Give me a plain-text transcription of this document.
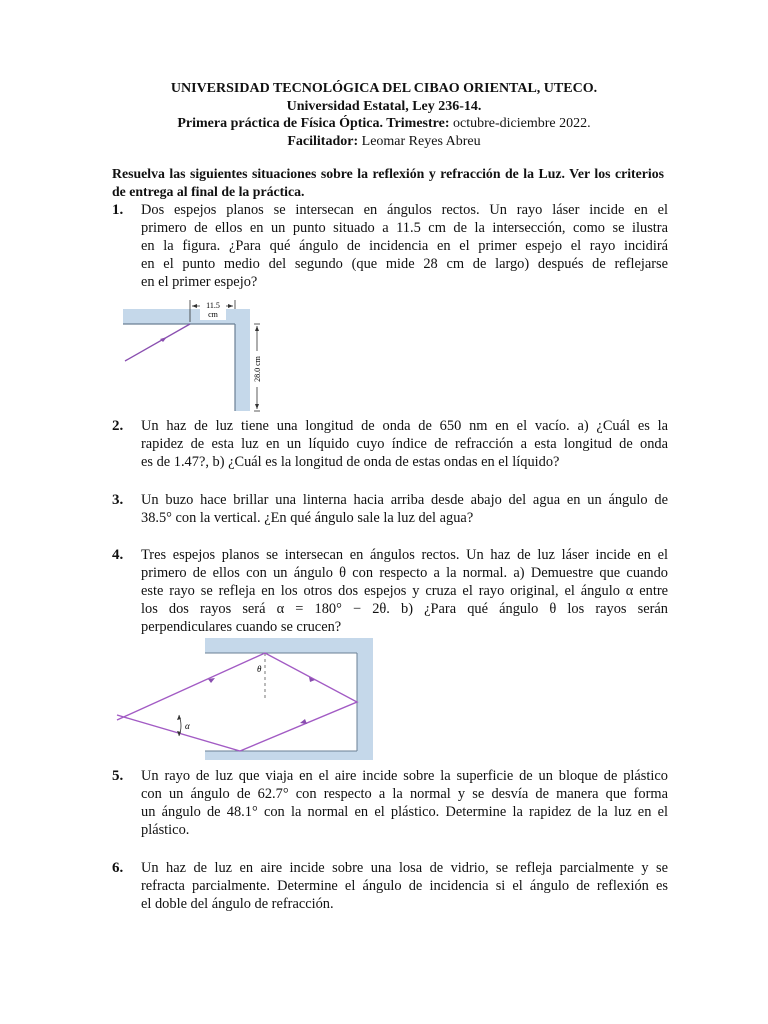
UNIVERSIDAD TECNOLÓGICA DEL CIBAO ORIENTAL, UTECO.
Universidad Estatal, Ley 236-14.
Primera práctica de Física Óptica. Trimestre: octubre-diciembre 2022.
Facilitador: Leomar Reyes Abreu
Resuelva las siguientes situaciones sobre la reflexión y refracción de la Luz. Ver los criterios
de entrega al final de la práctica.
1. Dos espejos planos se intersecan en ángulos rectos. Un rayo láser incide en el
primero de ellos en un punto situado a 11.5 cm de la intersección, como se ilustra
en la figura. ¿Para qué ángulo de incidencia en el primer espejo el rayo incidirá
en el punto medio del segundo (que mide 28 cm de largo) después de reflejarse
en el primer espejo?
11.5
cm
28.0 cm
2. Un haz de luz tiene una longitud de onda de 650 nm en el vacío. a) ¿Cuál es la
rapidez de esta luz en un líquido cuyo índice de refracción a esta longitud de onda
es de 1.47?, b) ¿Cuál es la longitud de onda de estas ondas en el líquido?
3. Un buzo hace brillar una linterna hacia arriba desde abajo del agua en un ángulo de
38.5° con la vertical. ¿En qué ángulo sale la luz del agua?
4. Tres espejos planos se intersecan en ángulos rectos. Un haz de luz láser incide en el
primero de ellos con un ángulo θ con respecto a la normal. a) Demuestre que cuando
este rayo se refleja en los otros dos espejos y cruza el rayo original, el ángulo α entre
los dos rayos será α = 180° − 2θ. b) ¿Para qué ángulo θ los rayos serán
perpendiculares cuando se crucen?
θ
α
5. Un rayo de luz que viaja en el aire incide sobre la superficie de un bloque de plástico
con un ángulo de 62.7° con respecto a la normal y se desvía de manera que forma
un ángulo de 48.1° con la normal en el plástico. Determine la rapidez de la luz en el
plástico.
6. Un haz de luz en aire incide sobre una losa de vidrio, se refleja parcialmente y se
refracta parcialmente. Determine el ángulo de incidencia si el ángulo de reflexión es
el doble del ángulo de refracción.
